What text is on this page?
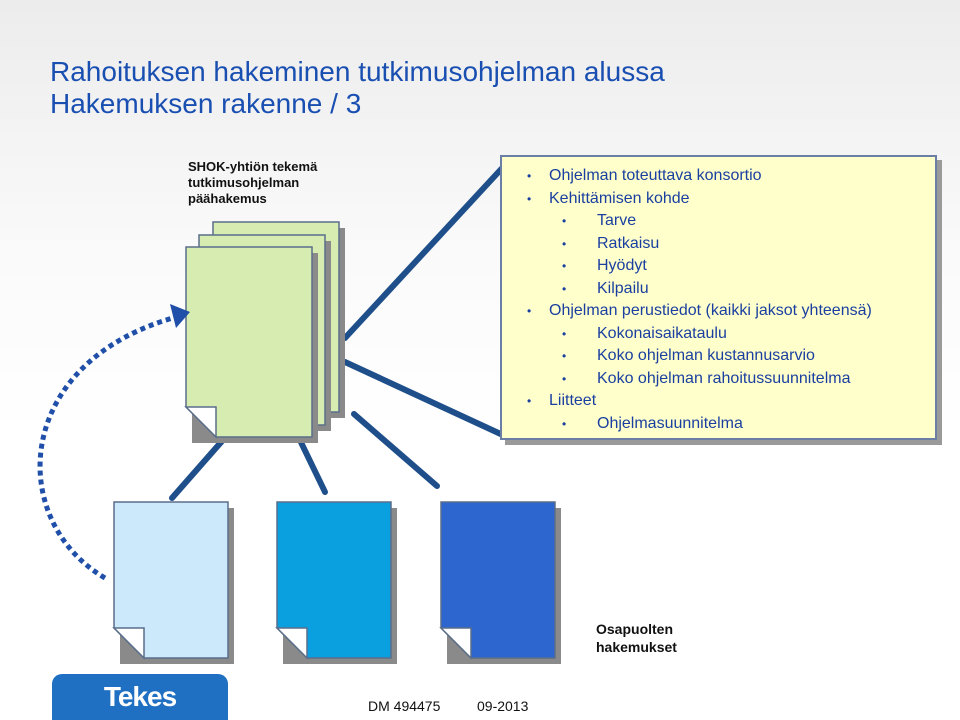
Rahoituksen hakeminen tutkimusohjelman alussa
Hakemuksen rakenne / 3
SHOK-yhtiön tekemä
tutkimusohjelman
päähakemus
• Ohjelman toteuttava konsortio
• Kehittämisen kohde
• Tarve
• Ratkaisu
• Hyödyt
• Kilpailu
• Ohjelman perustiedot (kaikki jaksot yhteensä)
• Kokonaisaikataulu
• Koko ohjelman kustannusarvio
• Koko ohjelman rahoitussuunnitelma
• Liitteet
• Ohjelmasuunnitelma
Osapuolten
hakemukset
Tekes	DM 494475	09-2013
